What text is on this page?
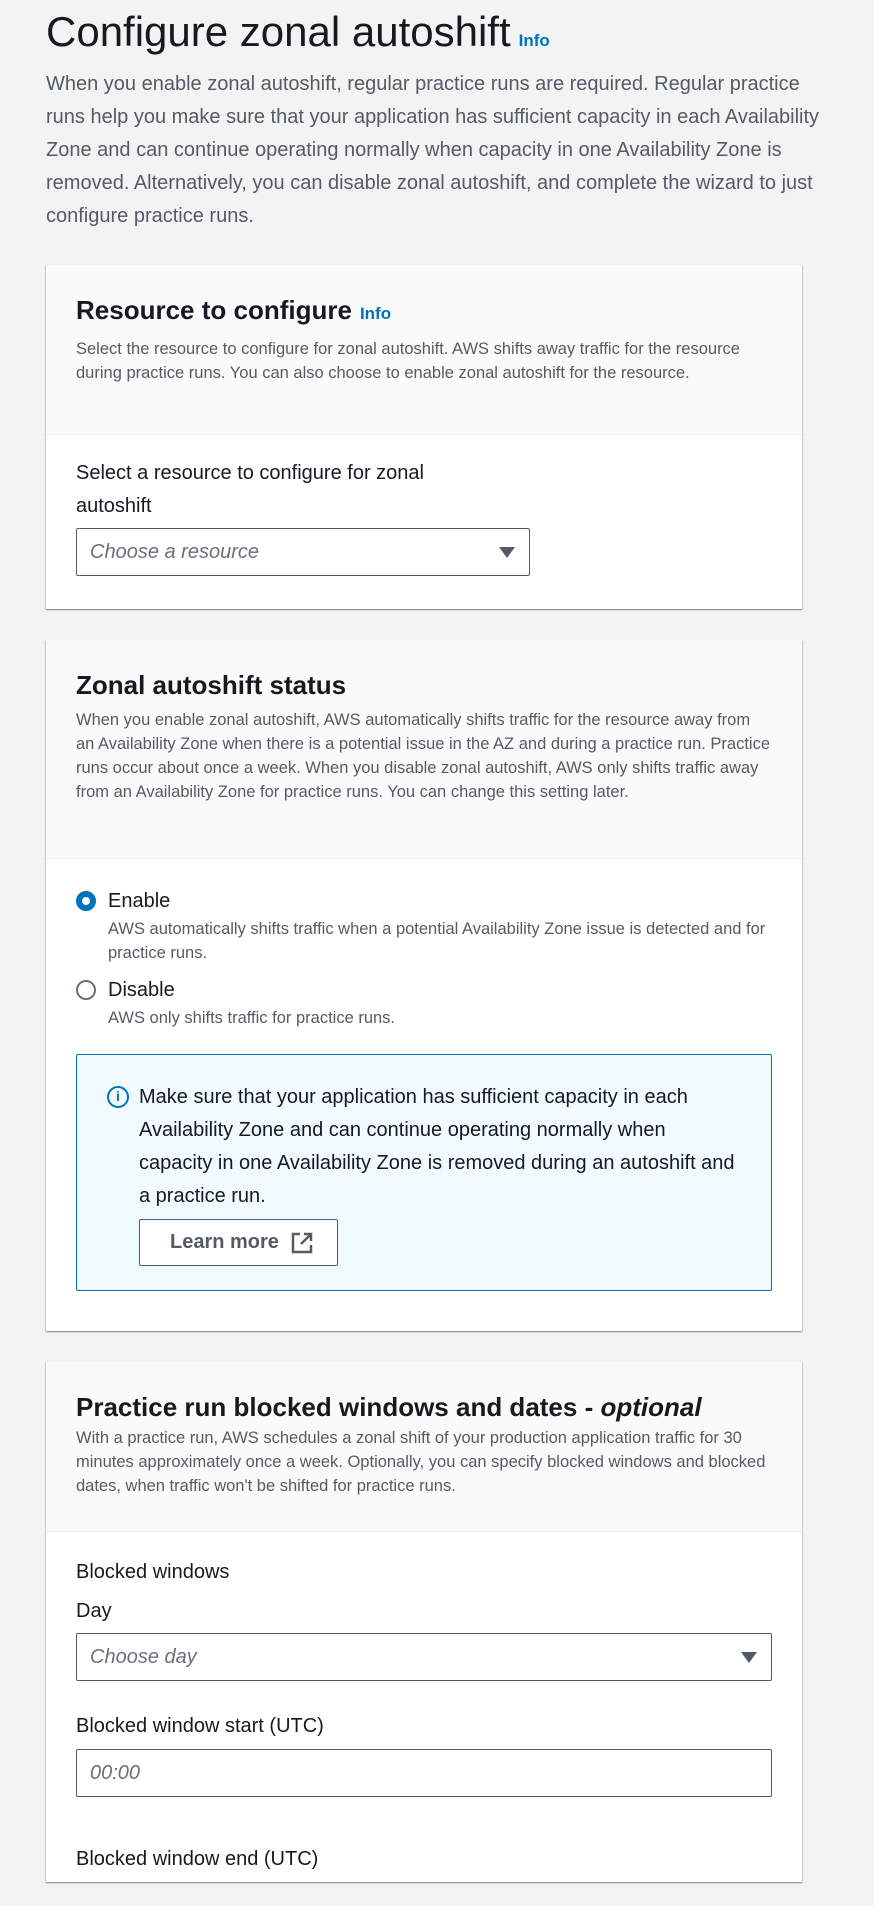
Configure zonal autoshift Info

When you enable zonal autoshift, regular practice runs are required. Regular practice runs help you make sure that your application has sufficient capacity in each Availability Zone and can continue operating normally when capacity in one Availability Zone is removed. Alternatively, you can disable zonal autoshift, and complete the wizard to just configure practice runs.

Resource to configure Info

Select the resource to configure for zonal autoshift. AWS shifts away traffic for the resource during practice runs. You can also choose to enable zonal autoshift for the resource.

Select a resource to configure for zonal autoshift
Choose a resource
Zonal autoshift status

When you enable zonal autoshift, AWS automatically shifts traffic for the resource away from an Availability Zone when there is a potential issue in the AZ and during a practice run. Practice runs occur about once a week. When you disable zonal autoshift, AWS only shifts traffic away from an Availability Zone for practice runs. You can change this setting later.

Enable
AWS automatically shifts traffic when a potential Availability Zone issue is detected and for practice runs.
Disable
AWS only shifts traffic for practice runs.
i Make sure that your application has sufficient capacity in each Availability Zone and can continue operating normally when capacity in one Availability Zone is removed during an autoshift and a practice run.
Learn more
Practice run blocked windows and dates - optional

With a practice run, AWS schedules a zonal shift of your production application traffic for 30 minutes approximately once a week. Optionally, you can specify blocked windows and blocked dates, when traffic won't be shifted for practice runs.

Blocked windows
Day
Choose day
Blocked window start (UTC)
00:00
Blocked window end (UTC)
